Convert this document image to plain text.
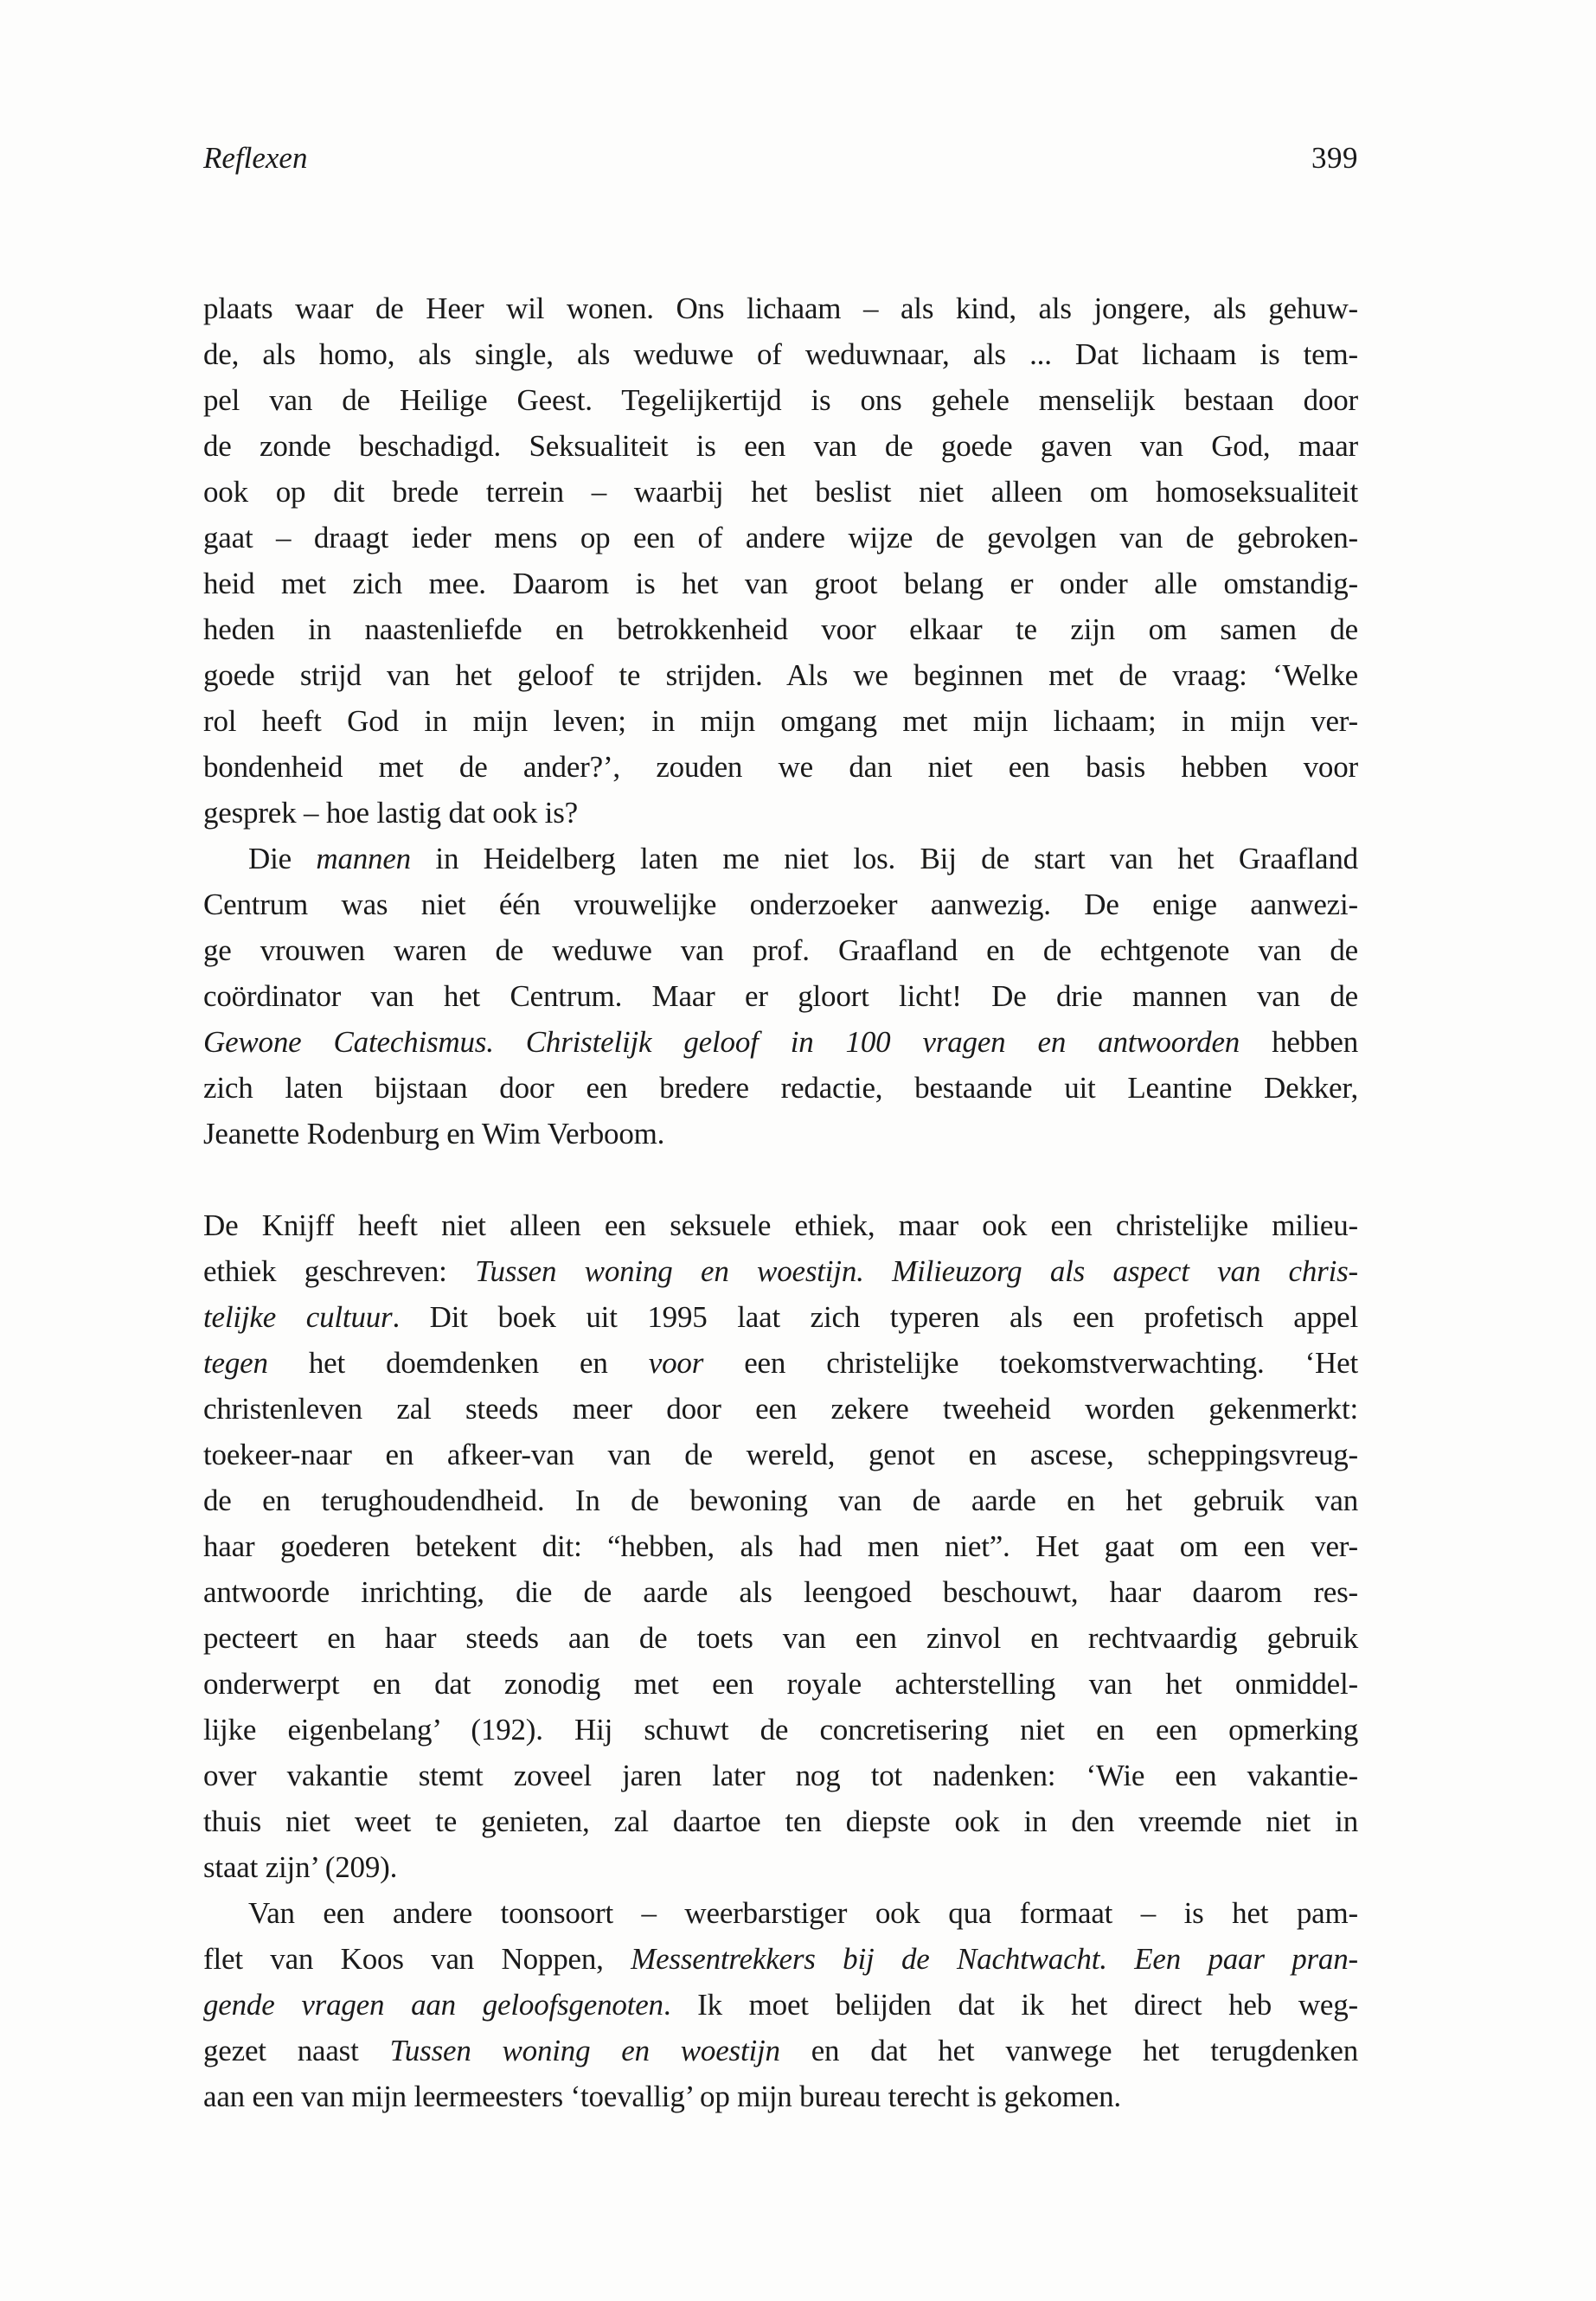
Reflexen	399
plaats waar de Heer wil wonen. Ons lichaam – als kind, als jongere, als gehuw-
de, als homo, als single, als weduwe of weduwnaar, als ... Dat lichaam is tem-
pel van de Heilige Geest. Tegelijkertijd is ons gehele menselijk bestaan door
de zonde beschadigd. Seksualiteit is een van de goede gaven van God, maar
ook op dit brede terrein – waarbij het beslist niet alleen om homoseksualiteit
gaat – draagt ieder mens op een of andere wijze de gevolgen van de gebroken-
heid met zich mee. Daarom is het van groot belang er onder alle omstandig-
heden in naastenliefde en betrokkenheid voor elkaar te zijn om samen de
goede strijd van het geloof te strijden. Als we beginnen met de vraag: ‘Welke
rol heeft God in mijn leven; in mijn omgang met mijn lichaam; in mijn ver-
bondenheid met de ander?’, zouden we dan niet een basis hebben voor
gesprek – hoe lastig dat ook is?
Die mannen in Heidelberg laten me niet los. Bij de start van het Graafland
Centrum was niet één vrouwelijke onderzoeker aanwezig. De enige aanwezi-
ge vrouwen waren de weduwe van prof. Graafland en de echtgenote van de
coördinator van het Centrum. Maar er gloort licht! De drie mannen van de
Gewone Catechismus. Christelijk geloof in 100 vragen en antwoorden hebben
zich laten bijstaan door een bredere redactie, bestaande uit Leantine Dekker,
Jeanette Rodenburg en Wim Verboom.
De Knijff heeft niet alleen een seksuele ethiek, maar ook een christelijke milieu-
ethiek geschreven: Tussen woning en woestijn. Milieuzorg als aspect van chris-
telijke cultuur. Dit boek uit 1995 laat zich typeren als een profetisch appel
tegen het doemdenken en voor een christelijke toekomstverwachting. ‘Het
christenleven zal steeds meer door een zekere tweeheid worden gekenmerkt:
toekeer-naar en afkeer-van van de wereld, genot en ascese, scheppingsvreug-
de en terughoudendheid. In de bewoning van de aarde en het gebruik van
haar goederen betekent dit: “hebben, als had men niet”. Het gaat om een ver-
antwoorde inrichting, die de aarde als leengoed beschouwt, haar daarom res-
pecteert en haar steeds aan de toets van een zinvol en rechtvaardig gebruik
onderwerpt en dat zonodig met een royale achterstelling van het onmiddel-
lijke eigenbelang’ (192). Hij schuwt de concretisering niet en een opmerking
over vakantie stemt zoveel jaren later nog tot nadenken: ‘Wie een vakantie-
thuis niet weet te genieten, zal daartoe ten diepste ook in den vreemde niet in
staat zijn’ (209).
Van een andere toonsoort – weerbarstiger ook qua formaat – is het pam-
flet van Koos van Noppen, Messentrekkers bij de Nachtwacht. Een paar pran-
gende vragen aan geloofsgenoten. Ik moet belijden dat ik het direct heb weg-
gezet naast Tussen woning en woestijn en dat het vanwege het terugdenken
aan een van mijn leermeesters ‘toevallig’ op mijn bureau terecht is gekomen.
